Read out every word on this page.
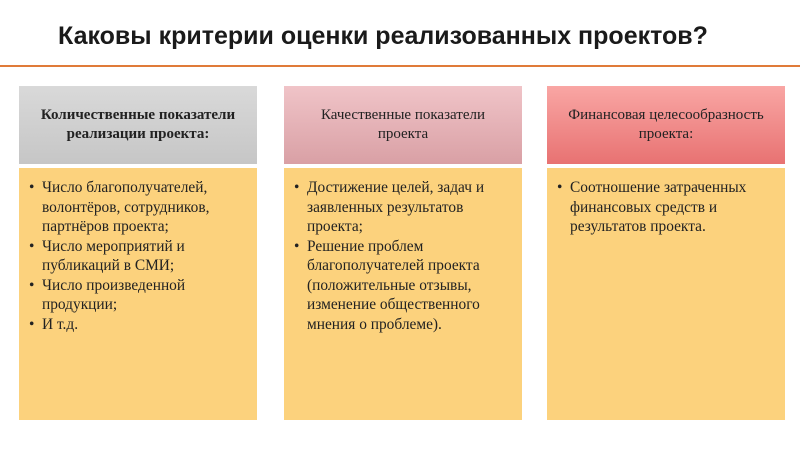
Каковы критерии оценки реализованных проектов?
Количественные показатели реализации проекта:
• Число благополучателей, волонтёров, сотрудников, партнёров проекта;
• Число мероприятий и публикаций в СМИ;
• Число произведенной продукции;
• И т.д.
Качественные показатели проекта
• Достижение целей, задач и заявленных результатов проекта;
• Решение проблем благополучателей проекта (положительные отзывы, изменение общественного мнения о проблеме).
Финансовая целесообразность проекта:
• Соотношение затраченных финансовых средств и результатов проекта.
